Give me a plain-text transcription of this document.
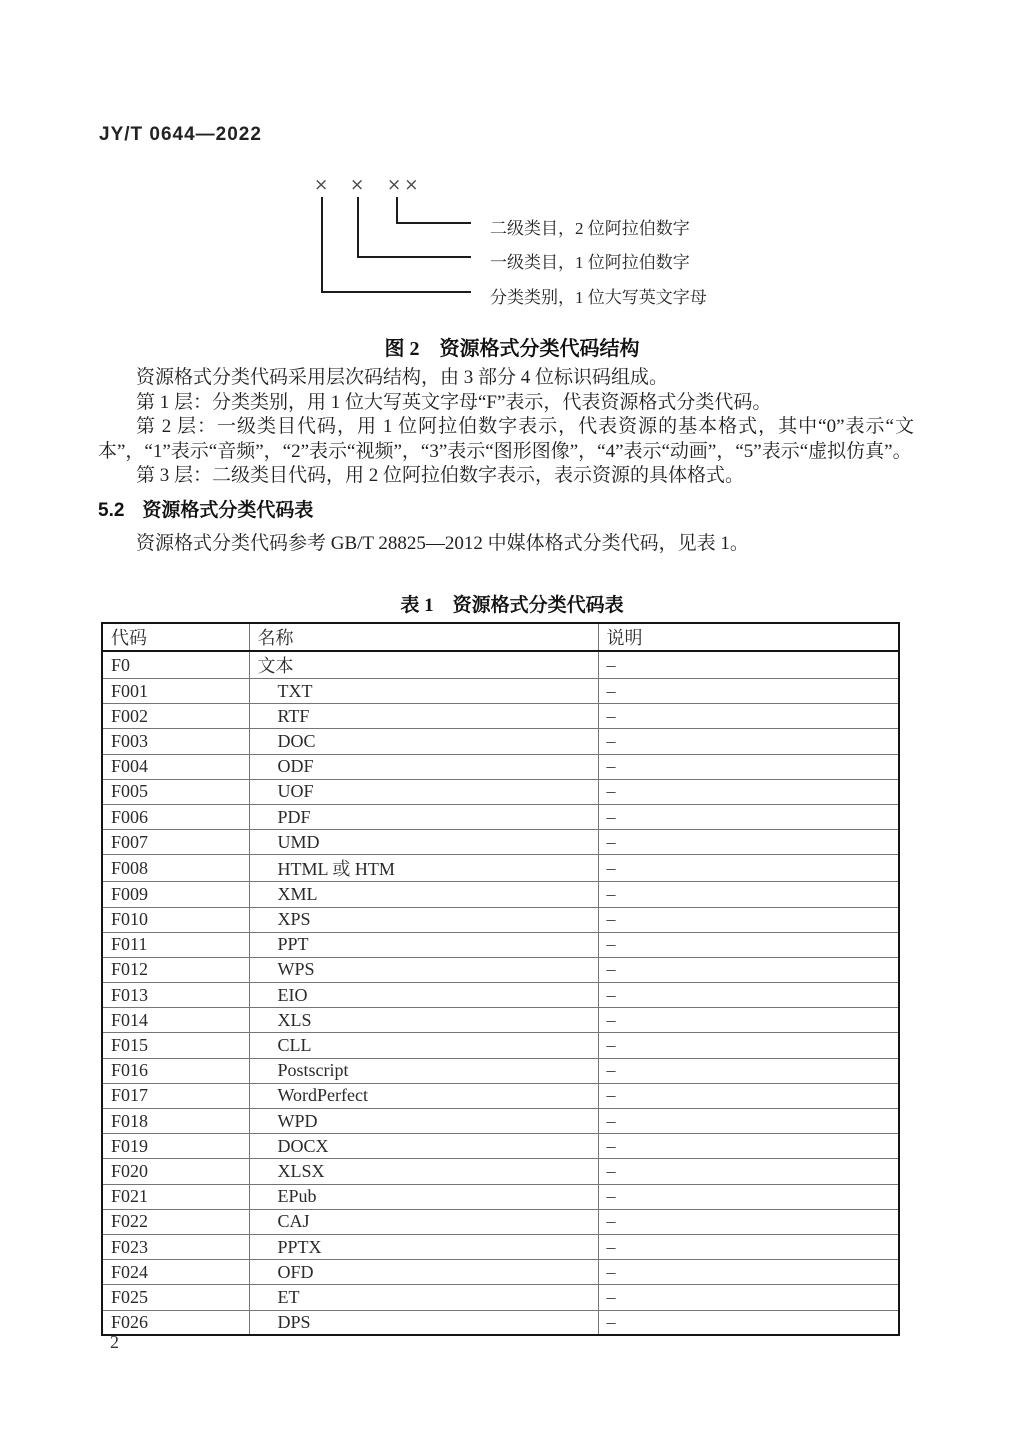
JY/T 0644—2022
× × ××
二级类目，2 位阿拉伯数字
一级类目，1 位阿拉伯数字
分类类别，1 位大写英文字母
图 2　资源格式分类代码结构

资源格式分类代码采用层次码结构，由 3 部分 4 位标识码组成。

第 1 层：分类类别，用 1 位大写英文字母“F”表示，代表资源格式分类代码。

第 2 层：一级类目代码，用 1 位阿拉伯数字表示，代表资源的基本格式，其中“0”表示“文本”，“1”表示“音频”，“2”表示“视频”，“3”表示“图形图像”，“4”表示“动画”，“5”表示“虚拟仿真”。

第 3 层：二级类目代码，用 2 位阿拉伯数字表示，表示资源的具体格式。

5.2 资源格式分类代码表

资源格式分类代码参考 GB/T 28825—2012 中媒体格式分类代码，见表 1。

表 1　资源格式分类代码表
代码	名称	说明
F0	文本	–
F001	TXT	–
F002	RTF	–
F003	DOC	–
F004	ODF	–
F005	UOF	–
F006	PDF	–
F007	UMD	–
F008	HTML 或 HTM	–
F009	XML	–
F010	XPS	–
F011	PPT	–
F012	WPS	–
F013	EIO	–
F014	XLS	–
F015	CLL	–
F016	Postscript	–
F017	WordPerfect	–
F018	WPD	–
F019	DOCX	–
F020	XLSX	–
F021	EPub	–
F022	CAJ	–
F023	PPTX	–
F024	OFD	–
F025	ET	–
F026	DPS	–
2
